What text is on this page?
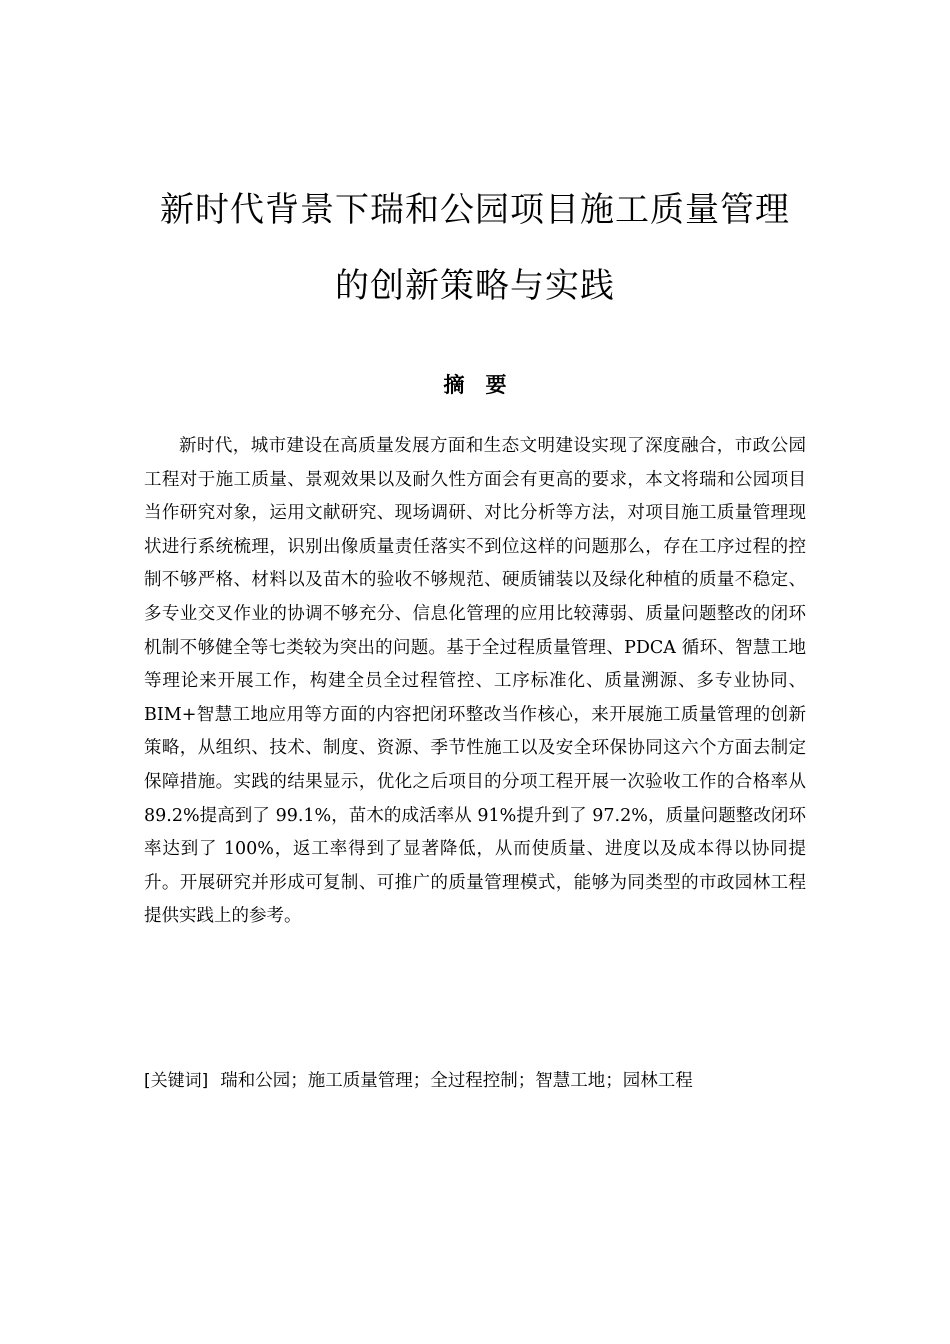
新时代背景下瑞和公园项目施工质量管理
的创新策略与实践
摘要

新时代，城市建设在高质量发展方面和生态文明建设实现了深度融合，市政公园工程对于施工质量、景观效果以及耐久性方面会有更高的要求，本文将瑞和公园项目当作研究对象，运用文献研究、现场调研、对比分析等方法，对项目施工质量管理现状进行系统梳理，识别出像质量责任落实不到位这样的问题那么，存在工序过程的控制不够严格、材料以及苗木的验收不够规范、硬质铺装以及绿化种植的质量不稳定、多专业交叉作业的协调不够充分、信息化管理的应用比较薄弱、质量问题整改的闭环机制不够健全等七类较为突出的问题。基于全过程质量管理、PDCA 循环、智慧工地等理论来开展工作，构建全员全过程管控、工序标准化、质量溯源、多专业协同、BIM+智慧工地应用等方面的内容把闭环整改当作核心，来开展施工质量管理的创新策略，从组织、技术、制度、资源、季节性施工以及安全环保协同这六个方面去制定保障措施。实践的结果显示，优化之后项目的分项工程开展一次验收工作的合格率从 89.2%提高到了 99.1%，苗木的成活率从 91%提升到了 97.2%，质量问题整改闭环率达到了 100%，返工率得到了显著降低，从而使质量、进度以及成本得以协同提升。开展研究并形成可复制、可推广的质量管理模式，能够为同类型的市政园林工程提供实践上的参考。

[关键词] 瑞和公园；施工质量管理；全过程控制；智慧工地；园林工程
